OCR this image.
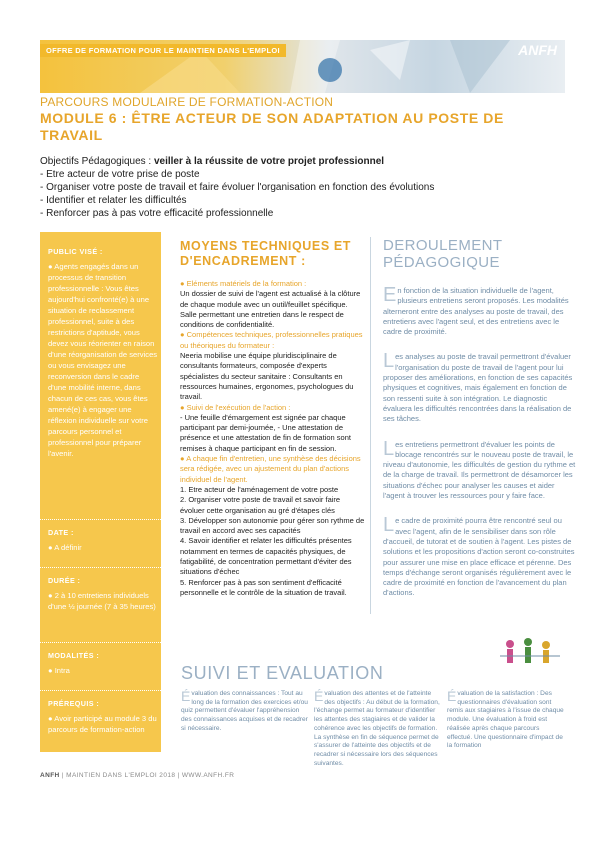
OFFRE DE FORMATION POUR LE MAINTIEN DANS L'EMPLOI	ANFH
PARCOURS MODULAIRE DE FORMATION-ACTION
MODULE 6 : ÊTRE ACTEUR DE SON ADAPTATION AU POSTE DE TRAVAIL
Objectifs Pédagogiques : veiller à la réussite de votre projet professionnel
- Etre acteur de votre prise de poste
- Organiser votre poste de travail et faire évoluer l'organisation en fonction des évolutions
- Identifier et relater les difficultés
- Renforcer pas à pas votre efficacité professionnelle
PUBLIC VISÉ :
● Agents engagés dans un processus de transition professionnelle : Vous êtes aujourd'hui confronté(e) à une situation de reclassement professionnel, suite à des restrictions d'aptitude, vous devez vous réorienter en raison d'une réorganisation de services ou vous envisagez une reconversion dans le cadre d'une mobilité interne, dans chacun de ces cas, vous êtes amené(e) à engager une réflexion individuelle sur votre parcours personnel et professionnel pour préparer l'avenir.
DATE :
● A définir
DURÉE :
● 2 à 10 entretiens individuels d'une ½ journée (7 à 35 heures)
MODALITÉS :
● Intra
PRÉREQUIS :
● Avoir participé au module 3 du parcours de formation-action
MOYENS TECHNIQUES ET D'ENCADREMENT :
● Eléments matériels de la formation :
Un dossier de suivi de l'agent est actualisé à la clôture de chaque module avec un outil/feuillet spécifique. Salle permettant une entretien dans le respect de conditions de confidentialité.
● Compétences techniques, professionnelles pratiques ou théoriques du formateur :
Neeria mobilise une équipe pluridisciplinaire de consultants formateurs, composée d'experts spécialistes du secteur sanitaire : Consultants en ressources humaines, ergonomes, psychologues du travail.
● Suivi de l'exécution de l'action :
- Une feuille d'émargement est signée par chaque participant par demi-journée, - Une attestation de présence et une attestation de fin de formation sont remises à chaque participant en fin de session.
● A chaque fin d'entretien, une synthèse des décisions sera rédigée, avec un ajustement du plan d'actions individuel de l'agent.
1. Etre acteur de l'aménagement de votre poste
2. Organiser votre poste de travail et savoir faire évoluer cette organisation au gré d'étapes clés
3. Développer son autonomie pour gérer son rythme de travail en accord avec ses capacités
4. Savoir identifier et relater les difficultés présentes notamment en termes de capacités physiques, de fatigabilité, de concentration permettant d'éviter des situations d'échec
5. Renforcer pas à pas son sentiment d'efficacité personnelle et le contrôle de la situation de travail.
DEROULEMENT PÉDAGOGIQUE

En fonction de la situation individuelle de l'agent, plusieurs entretiens seront proposés. Les modalités alterneront entre des analyses au poste de travail, des entretiens avec l'agent seul, et des entretiens avec le cadre de proximité.

Les analyses au poste de travail permettront d'évaluer l'organisation du poste de travail de l'agent pour lui proposer des améliorations, en fonction de ses capacités physiques et cognitives, mais également en fonction de son ressenti suite à son intégration. Le diagnostic évaluera les difficultés rencontrées dans la réalisation de ses tâches.

Les entretiens permettront d'évaluer les points de blocage rencontrés sur le nouveau poste de travail, le niveau d'autonomie, les difficultés de gestion du rythme et de la charge de travail. Ils permettront de désamorcer les situations d'échec pour analyser les causes et aider l'agent à trouver les ressources pour y faire face.

Le cadre de proximité pourra être rencontré seul ou avec l'agent, afin de le sensibiliser dans son rôle d'accueil, de tutorat et de soutien à l'agent. Les pistes de solutions et les propositions d'action seront co-construites pour assurer une mise en place efficace et pérenne. Des temps d'échange seront organisés régulièrement avec le cadre de proximité en fonction de l'avancement du plan d'actions.

SUIVI ET EVALUATION
Évaluation des connaissances : Tout au long de la formation des exercices et/ou quiz permettent d'évaluer l'appréhension des connaissances acquises et de recadrer si nécessaire.
Évaluation des attentes et de l'atteinte des objectifs : Au début de la formation, l'échange permet au formateur d'identifier les attentes des stagiaires et de valider la cohérence avec les objectifs de formation. La synthèse en fin de séquence permet de s'assurer de l'atteinte des objectifs et de recadrer si nécessaire lors des séquences suivantes.
Évaluation de la satisfaction : Des questionnaires d'évaluation sont remis aux stagiaires à l'issue de chaque module. Une évaluation à froid est réalisée après chaque parcours effectué. Une questionnaire d'impact de la formation
ANFH | MAINTIEN DANS L'EMPLOI 2018 | WWW.ANFH.FR
